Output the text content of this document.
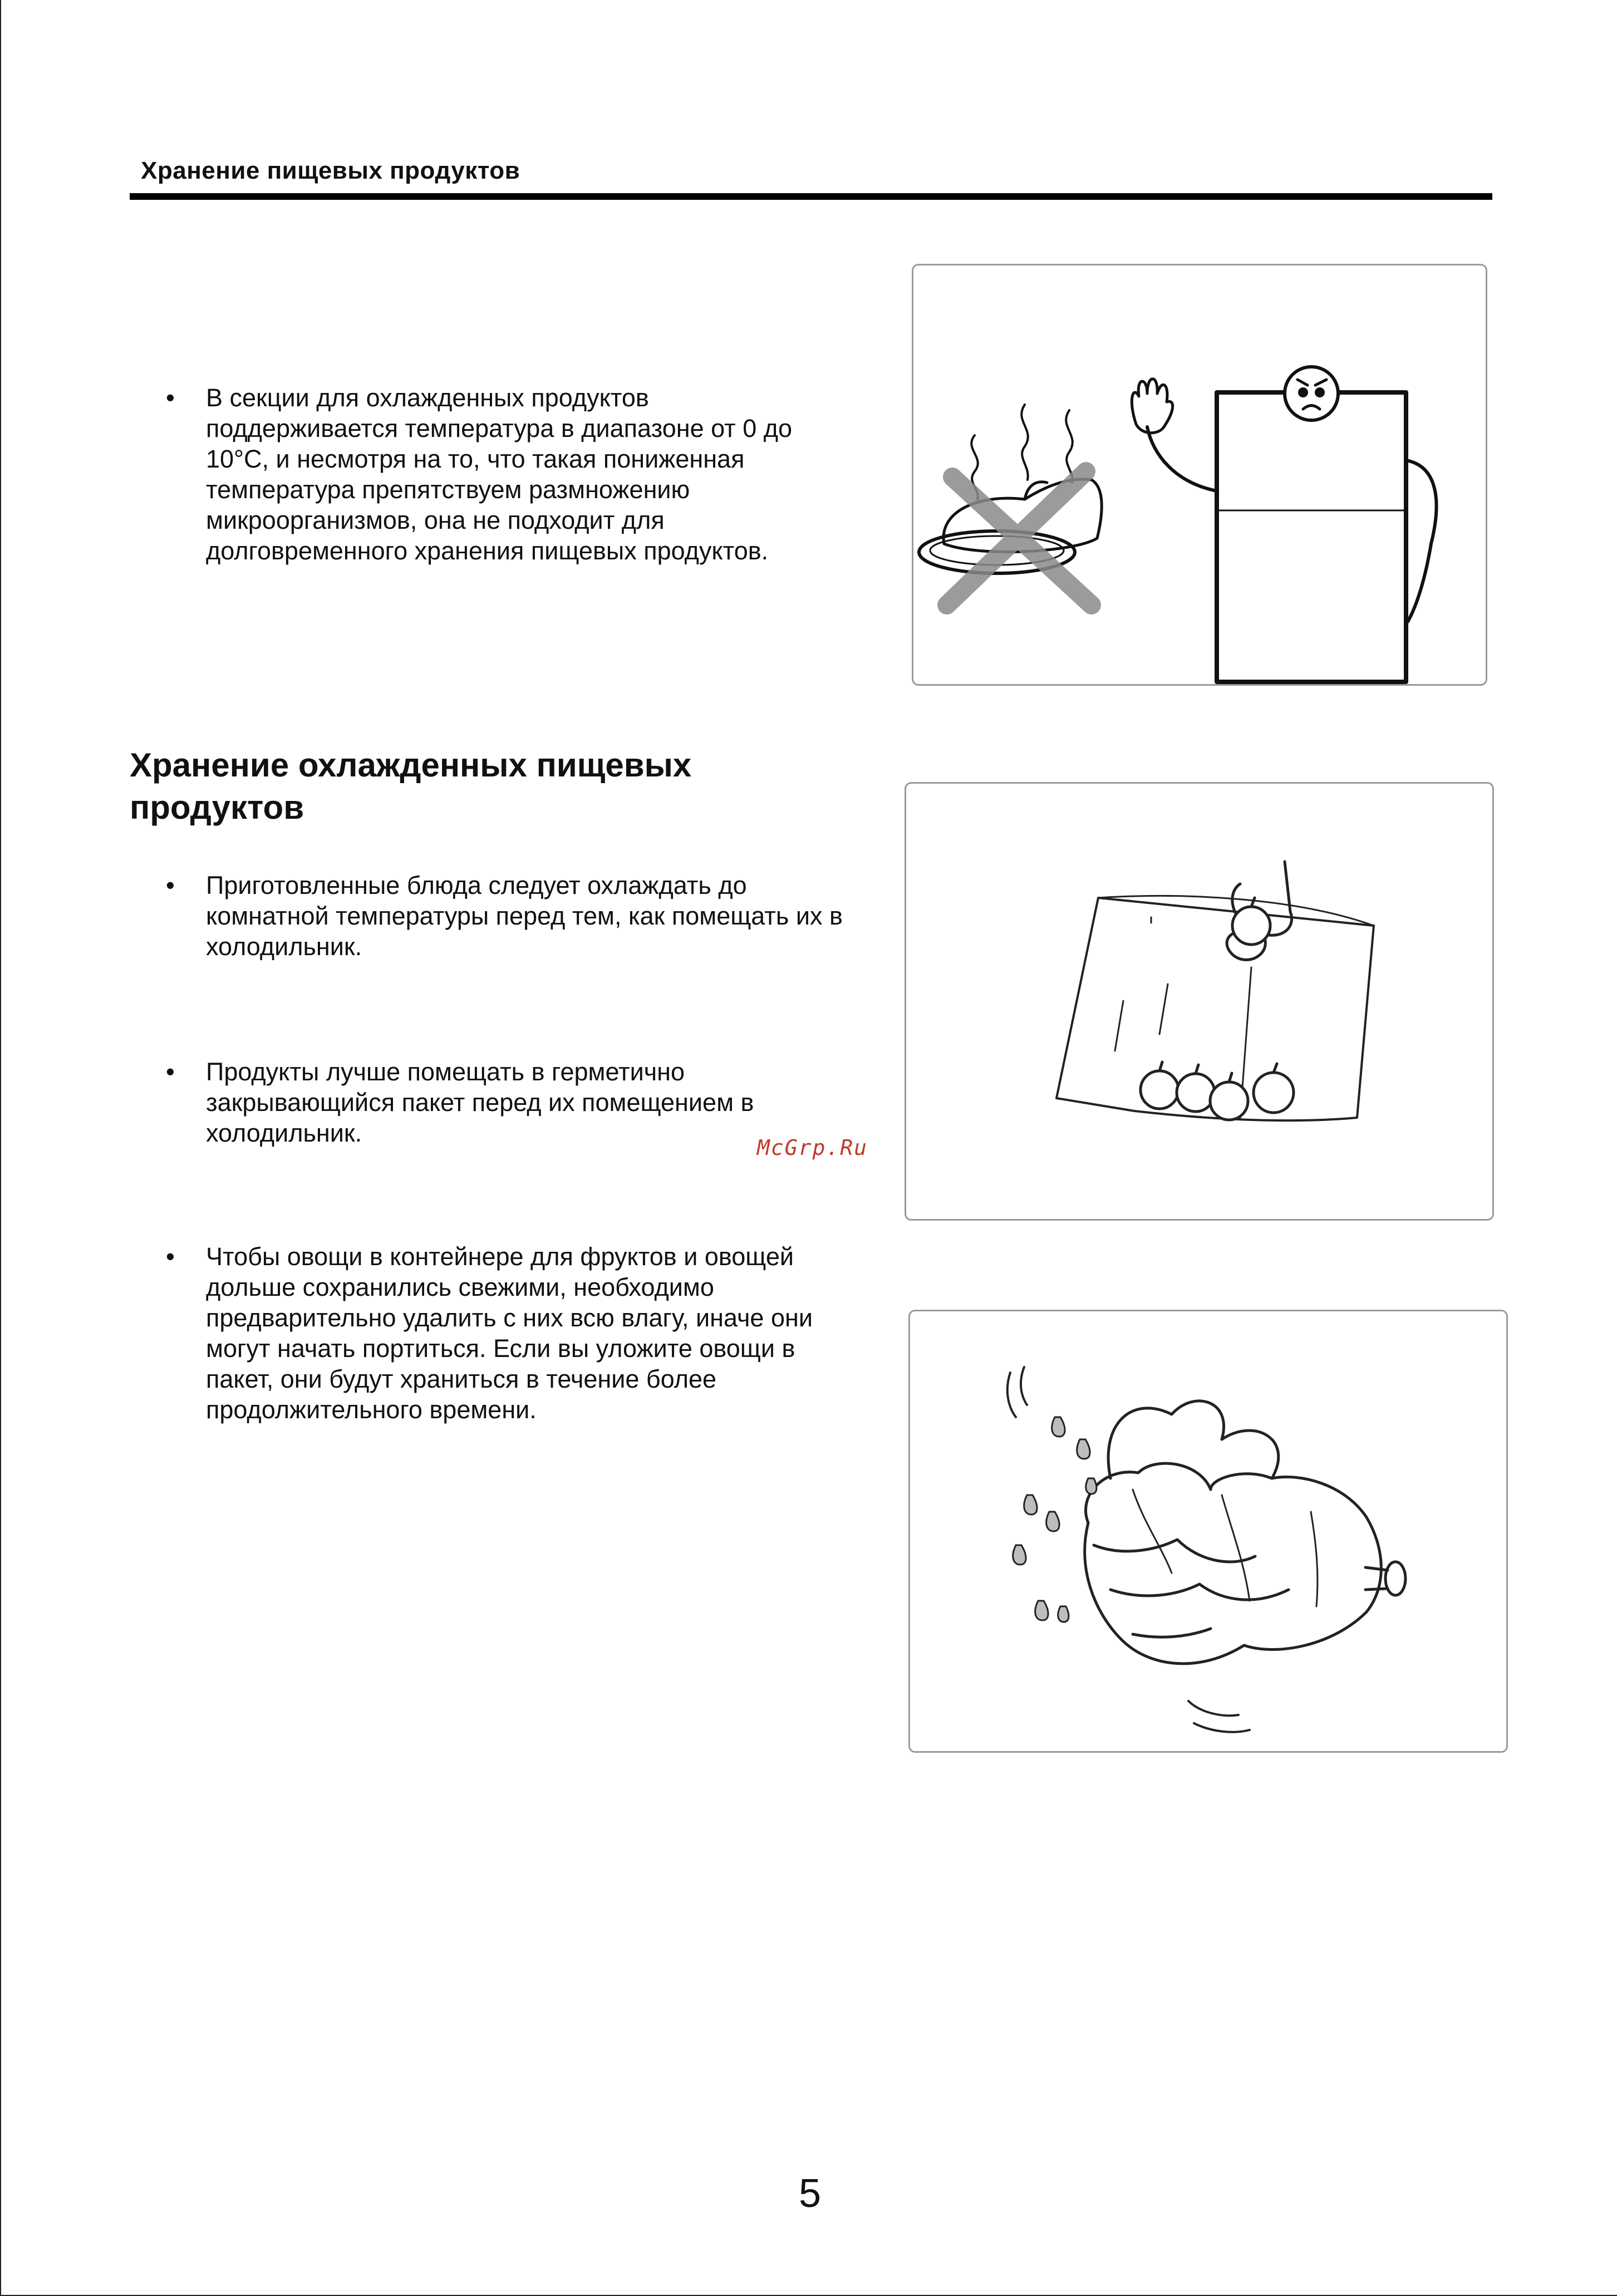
Хранение пищевых продуктов
• В секции для охлажденных продуктов поддерживается температура в диапазоне от 0 до 10°С, и несмотря на то, что такая пониженная температура препятствуем размножению микроорганизмов, она не подходит для долговременного хранения пищевых продуктов.
Хранение охлажденных пищевых продуктов
• Приготовленные блюда следует охлаждать до комнатной температуры перед тем, как помещать их в холодильник.
• Продукты лучше помещать в герметично закрывающийся пакет перед их помещением в холодильник.
McGrp.Ru
• Чтобы овощи в контейнере для фруктов и овощей дольше сохранились свежими, необходимо предварительно удалить с них всю влагу, иначе они могут начать портиться. Если вы уложите овощи в пакет, они будут храниться в течение более продолжительного времени.
5
